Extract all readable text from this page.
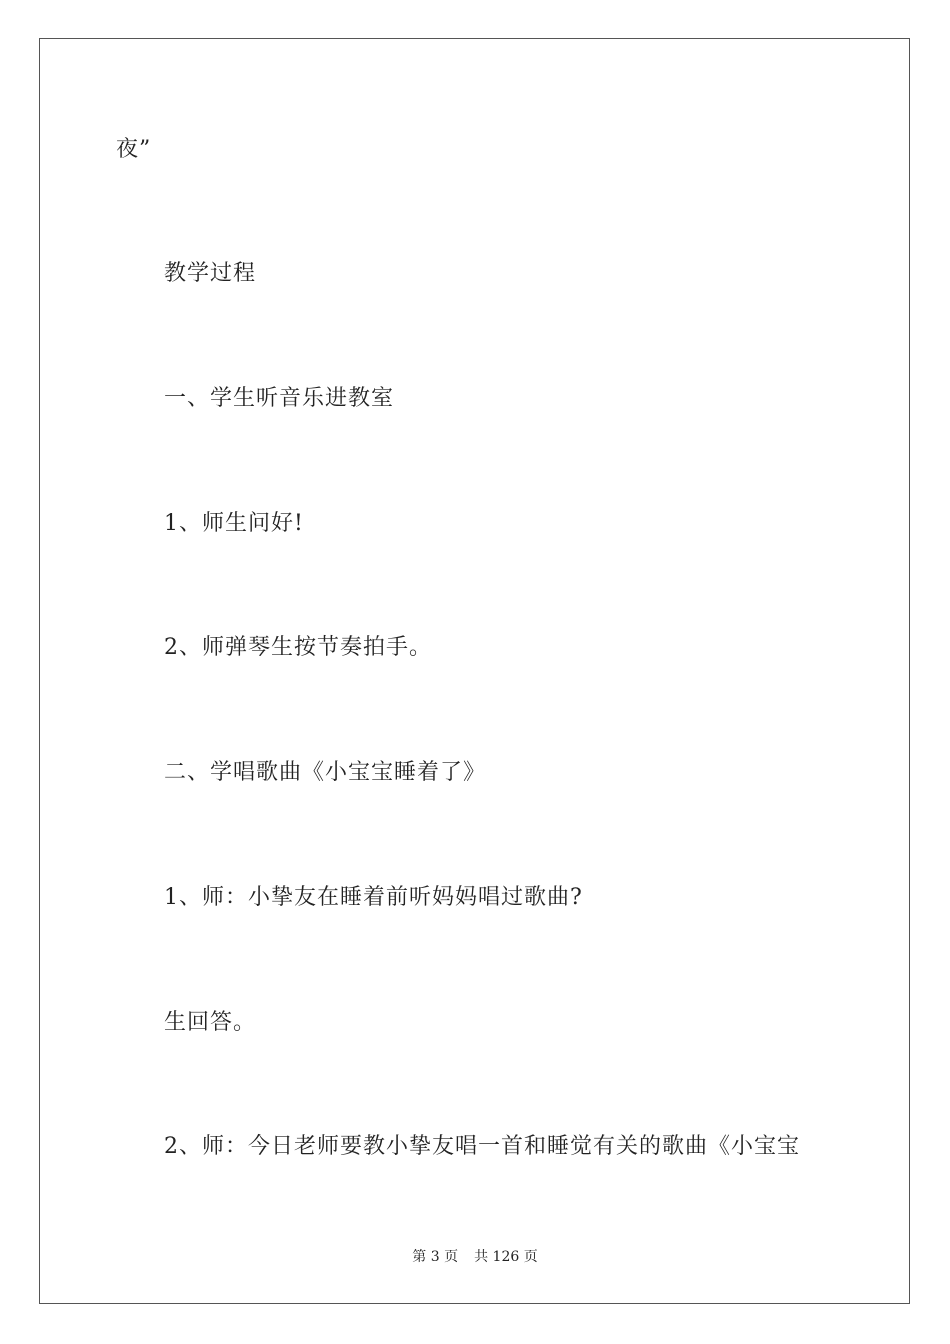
夜”
教学过程
一、学生听音乐进教室
1、师生问好!
2、师弹琴生按节奏拍手。
二、学唱歌曲《小宝宝睡着了》
1、师：小挚友在睡着前听妈妈唱过歌曲?
生回答。
2、师：今日老师要教小挚友唱一首和睡觉有关的歌曲《小宝宝
第 3 页 共 126 页
